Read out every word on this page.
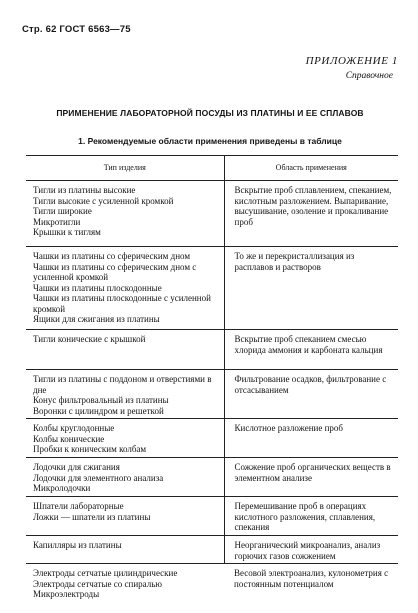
Стр. 62 ГОСТ 6563—75
ПРИЛОЖЕНИЕ 1
Справочное
ПРИМЕНЕНИЕ ЛАБОРАТОРНОЙ ПОСУДЫ ИЗ ПЛАТИНЫ И ЕЕ СПЛАВОВ
1. Рекомендуемые области применения приведены в таблице
Тип изделия	Область применения

Тигли из платины высокие
Тигли высокие с усиленной кромкой
Тигли широкие
Микротигли
Крышки к тиглям	Вскрытие проб сплавлением, спеканием, кислотным разложением. Выпаривание, высушивание, озоление и прокаливание проб

Чашки из платины со сферическим дном
Чашки из платины со сферическим дном с усиленной кромкой
Чашки из платины плоскодонные
Чашки из платины плоскодонные с усиленной кромкой
Ящики для сжигания из платины	То же и перекристаллизация из расплавов и растворов

Тигли конические с крышкой	Вскрытие проб спеканием смесью хлорида аммония и карбоната кальция

Тигли из платины с поддоном и отверстиями в дне
Конус фильтровальный из платины
Воронки с цилиндром и решеткой	Фильтрование осадков, фильтрование с отсасыванием

Колбы круглодонные
Колбы конические
Пробки к коническим колбам	Кислотное разложение проб

Лодочки для сжигания
Лодочки для элементного анализа
Микролодочки	Сожжение проб органических веществ в элементном анализе

Шпатели лабораторные
Ложки — шпатели из платины	Перемешивание проб в операциях кислотного разложения, сплавления, спекания

Капилляры из платины	Неорганический микроанализ, анализ горючих газов сожжением

Электроды сетчатые цилиндрические
Электроды сетчатые со спиралью
Микроэлектроды	Весовой электроанализ, кулонометрия с постоянным потенциалом
